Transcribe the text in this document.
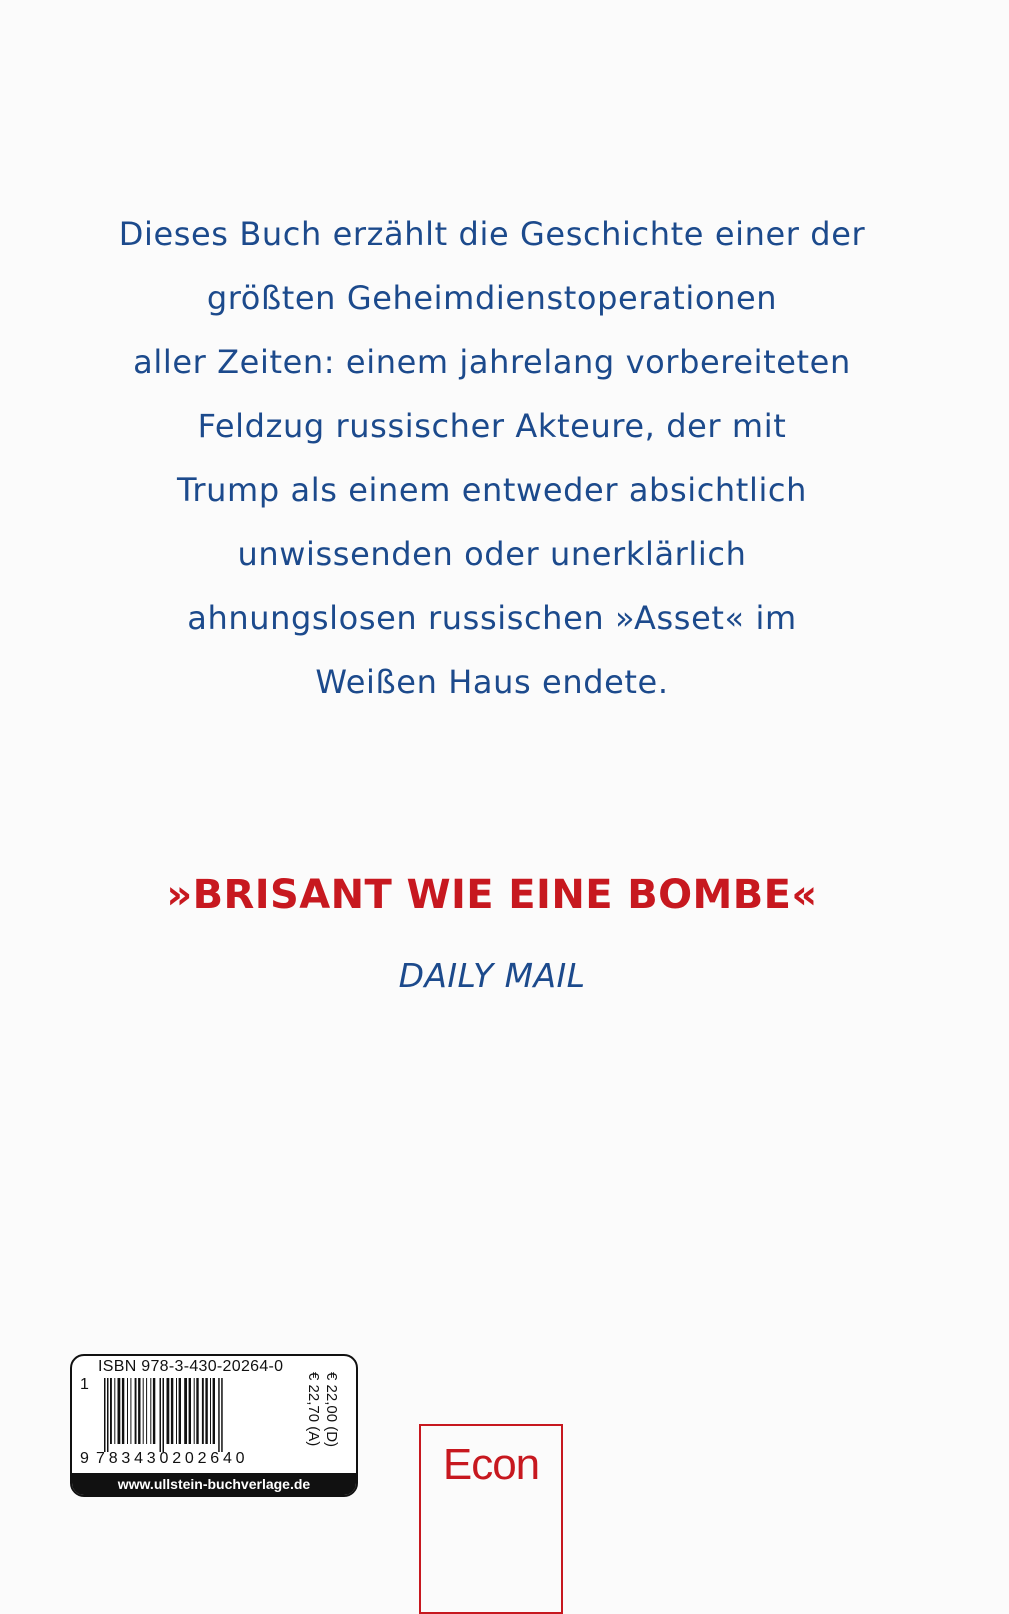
Dieses Buch erzählt die Geschichte einer der
größten Geheimdienstoperationen
aller Zeiten: einem jahrelang vorbereiteten
Feldzug russischer Akteure, der mit
Trump als einem entweder absichtlich
unwissenden oder unerklärlich
ahnungslosen russischen »Asset« im
Weißen Haus endete.
»BRISANT WIE EINE BOMBE«
DAILY MAIL
ISBN 978-3-430-20264-0
1
9 783430202640
€ 22,00 (D)
€ 22,70 (A)
www.ullstein-buchverlage.de	Econ
